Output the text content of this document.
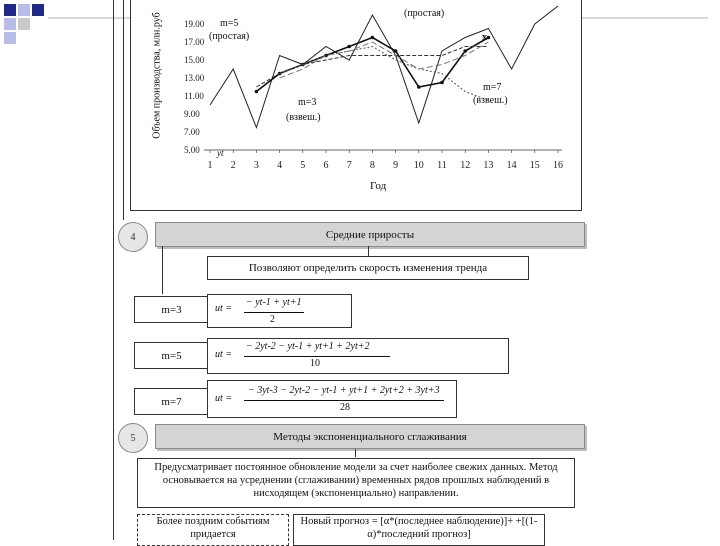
5.00
7.00
9.00
11.00
13.00
15.00
17.00
19.00
1 2 3 4 5 6 7 8 9 10 11 12 13 14 15 16
Объем производства, млн.руб
Год
yt
(простая)
m=5
(простая)
m=3
(взвеш.)
m=7
(взвеш.)
x
4	Средние приросты
Позволяют определить скорость изменения тренда
m=3	ut =
− yt-1 + yt+1
2
m=5	ut =
− 2yt-2 − yt-1 + yt+1 + 2yt+2
10
m=7	ut =
− 3yt-3 − 2yt-2 − yt-1 + yt+1 + 2yt+2 + 3yt+3
28
5	Методы экспоненциального сглаживания
Предусматривает постоянное обновление модели за счет наиболее свежих данных. Метод основывается на усреднении (сглаживании) временных рядов прошлых наблюдений в нисходящем (экспоненциально) направлении.
Более поздним событиям придается
Новый прогноз = [α*(последнее наблюдение)]+ +[(1-α)*последний прогноз]
